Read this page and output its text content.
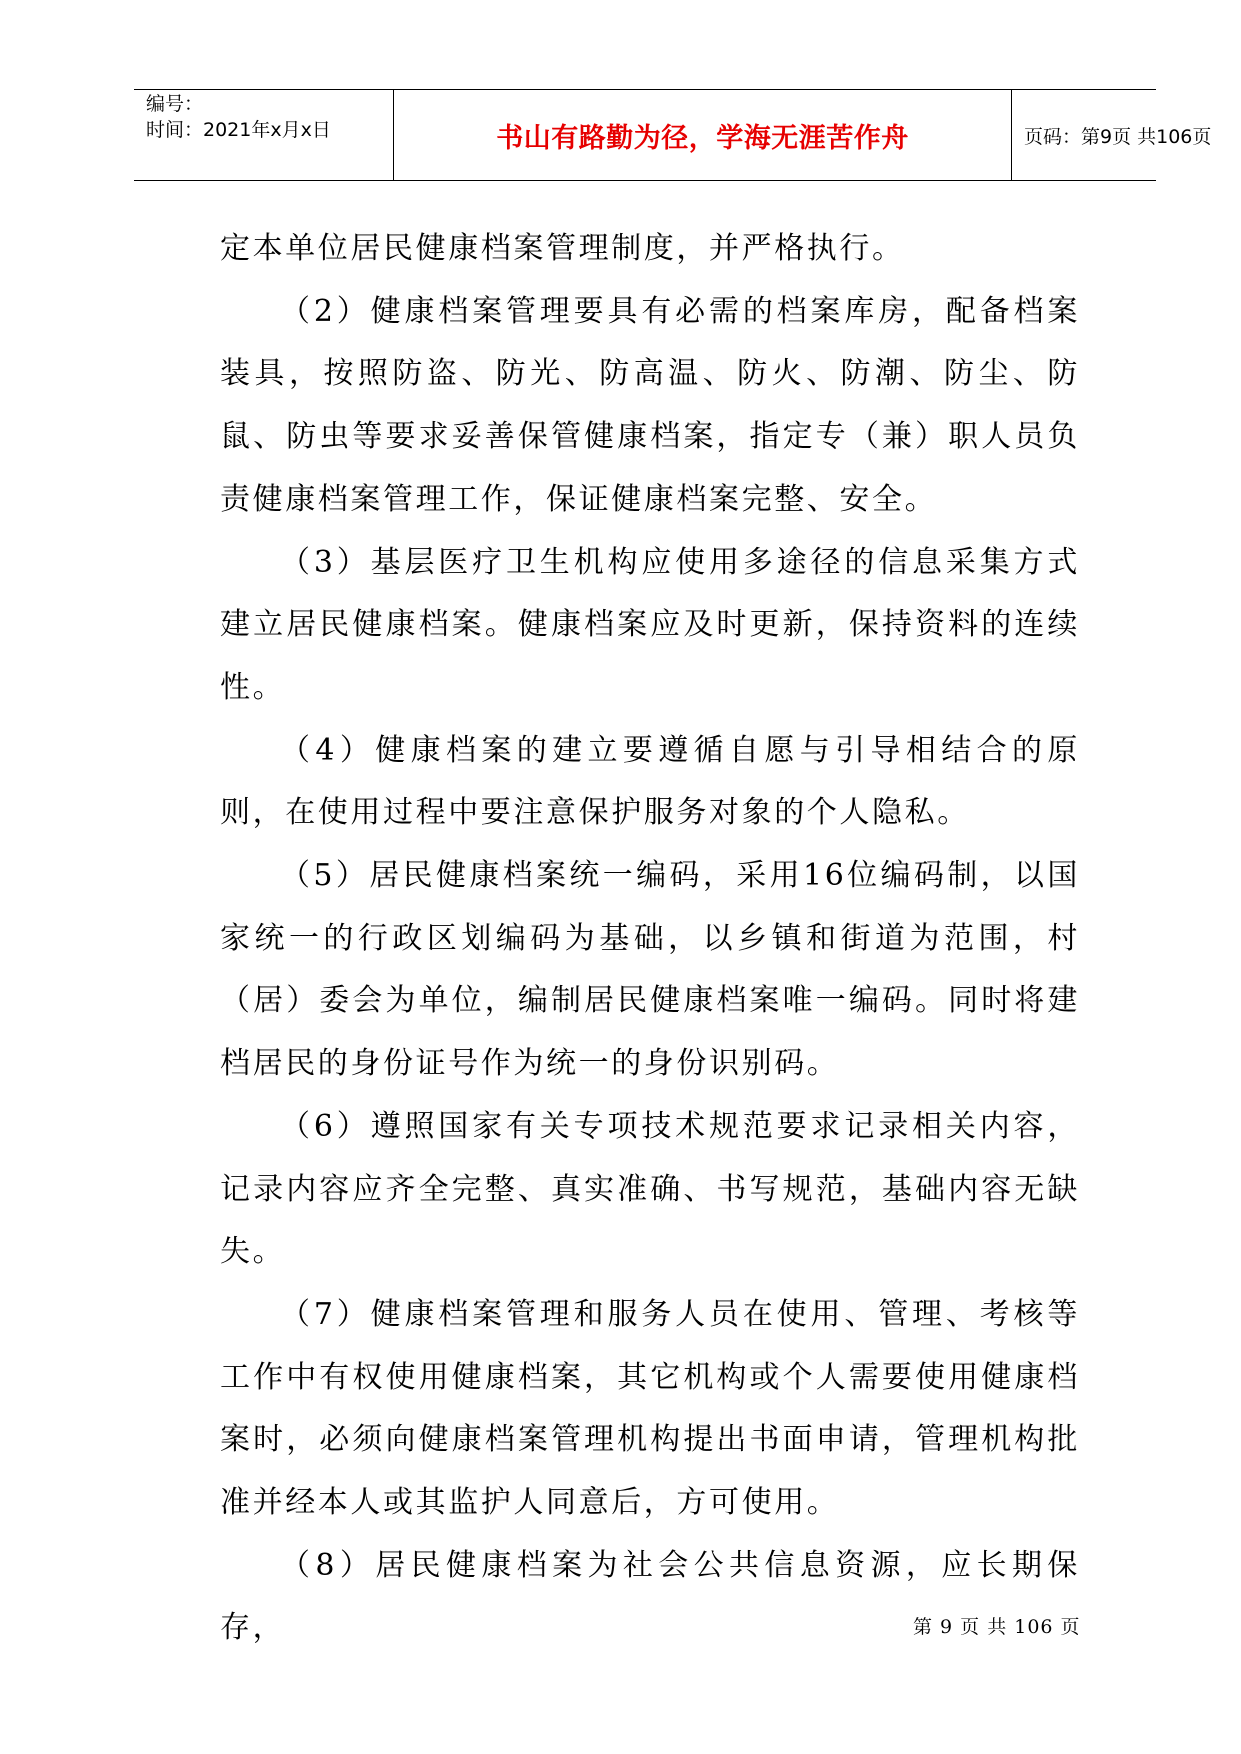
编号：
时间：2021年x月x日	书山有路勤为径，学海无涯苦作舟	页码：第9页 共106页

定本单位居民健康档案管理制度，并严格执行。

（2）健康档案管理要具有必需的档案库房，配备档案装具，按照防盗、防光、防高温、防火、防潮、防尘、防鼠、防虫等要求妥善保管健康档案，指定专（兼）职人员负责健康档案管理工作，保证健康档案完整、安全。

（3）基层医疗卫生机构应使用多途径的信息采集方式建立居民健康档案。健康档案应及时更新，保持资料的连续性。

（4）健康档案的建立要遵循自愿与引导相结合的原则，在使用过程中要注意保护服务对象的个人隐私。

（5）居民健康档案统一编码，采用16位编码制，以国家统一的行政区划编码为基础，以乡镇和街道为范围，村（居）委会为单位，编制居民健康档案唯一编码。同时将建档居民的身份证号作为统一的身份识别码。

（6）遵照国家有关专项技术规范要求记录相关内容，记录内容应齐全完整、真实准确、书写规范，基础内容无缺失。

（7）健康档案管理和服务人员在使用、管理、考核等工作中有权使用健康档案，其它机构或个人需要使用健康档案时，必须向健康档案管理机构提出书面申请，管理机构批准并经本人或其监护人同意后，方可使用。

（8）居民健康档案为社会公共信息资源，应长期保存，	第 9 页 共 106 页
